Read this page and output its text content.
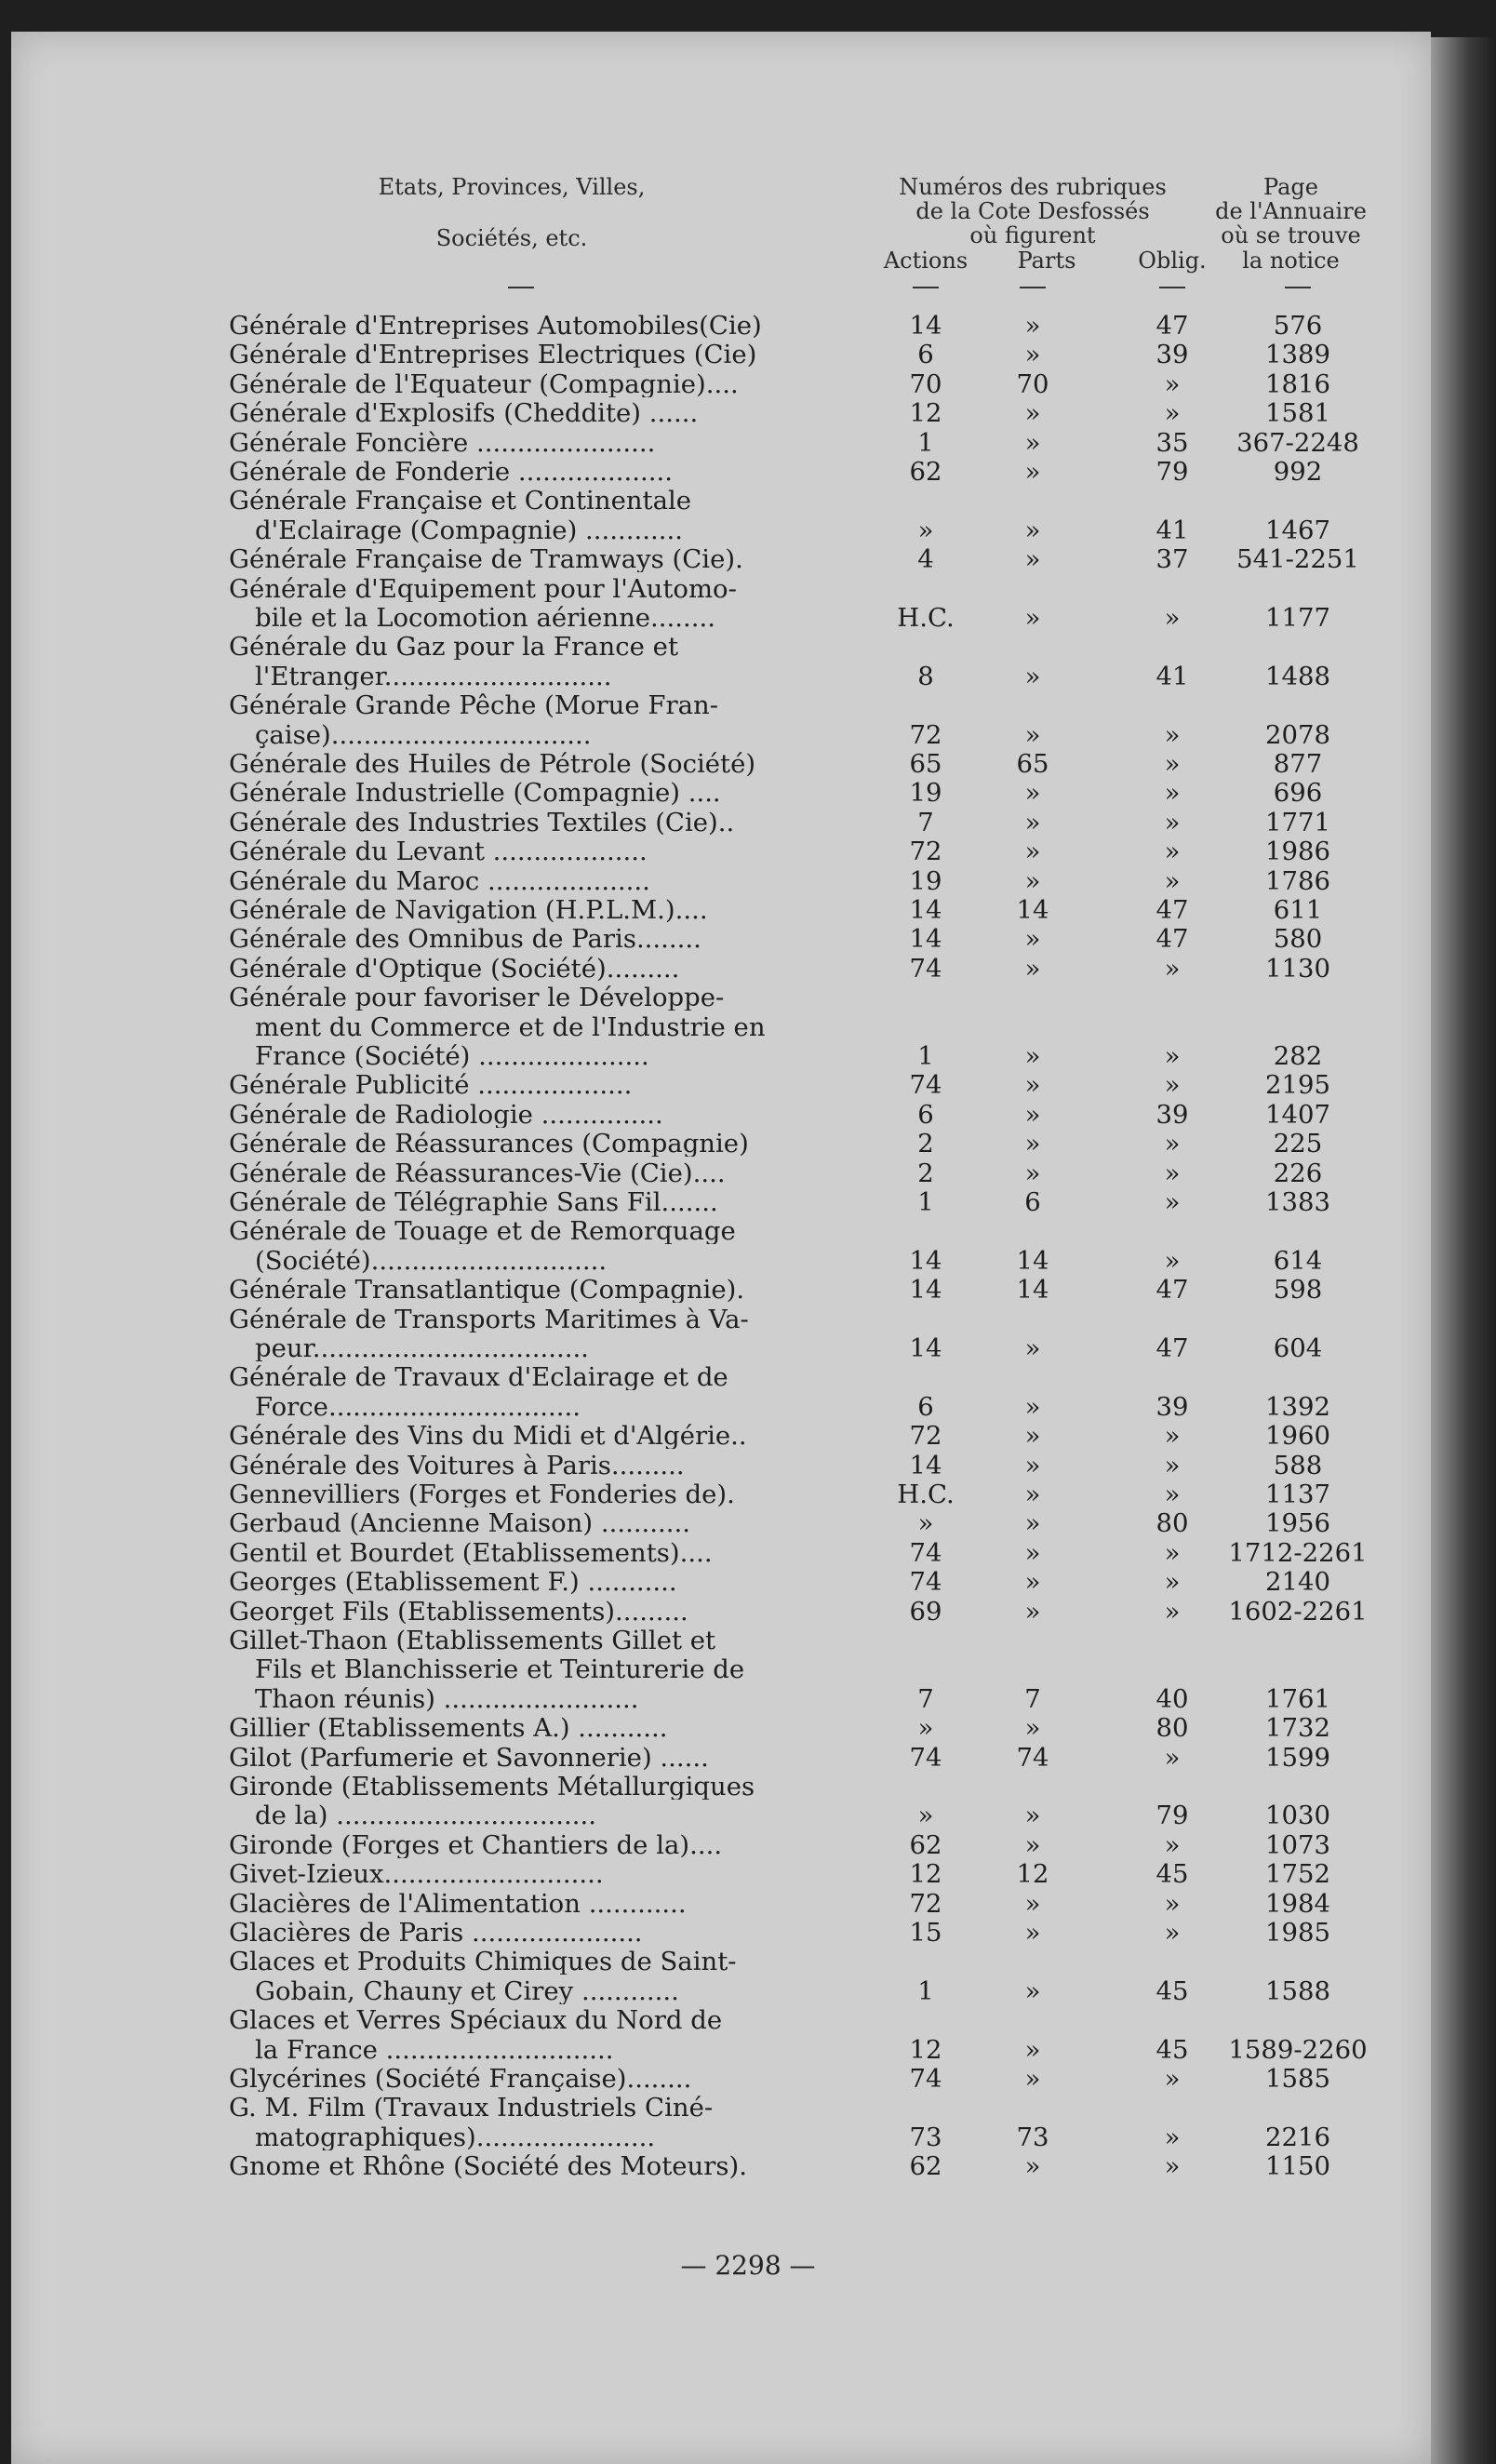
Etats, Provinces, Villes,
Sociétés, etc.
Numéros des rubriques
de la Cote Desfossés
où figurent
Actions	Parts	Oblig.
Page
de l'Annuaire
où se trouve
la notice
Générale d'Entreprises Automobiles(Cie)	14	»	47	576
Générale d'Entreprises Electriques (Cie)	6	»	39	1389
Générale de l'Equateur (Compagnie)....	70	70	»	1816
Générale d'Explosifs (Cheddite) ......	12	»	»	1581
Générale Foncière ......................	1	»	35	367-2248
Générale de Fonderie ...................	62	»	79	992
Générale Française et Continentale
d'Eclairage (Compagnie) ............	»	»	41	1467
Générale Française de Tramways (Cie).	4	»	37	541-2251
Générale d'Equipement pour l'Automo-
bile et la Locomotion aérienne........	H.C.	»	»	1177
Générale du Gaz pour la France et
l'Etranger............................	8	»	41	1488
Générale Grande Pêche (Morue Fran-
çaise)................................	72	»	»	2078
Générale des Huiles de Pétrole (Société)	65	65	»	877
Générale Industrielle (Compagnie) ....	19	»	»	696
Générale des Industries Textiles (Cie)..	7	»	»	1771
Générale du Levant ...................	72	»	»	1986
Générale du Maroc ....................	19	»	»	1786
Générale de Navigation (H.P.L.M.)....	14	14	47	611
Générale des Omnibus de Paris........	14	»	47	580
Générale d'Optique (Société).........	74	»	»	1130
Générale pour favoriser le Développe-
ment du Commerce et de l'Industrie en
France (Société) .....................	1	»	»	282
Générale Publicité ...................	74	»	»	2195
Générale de Radiologie ...............	6	»	39	1407
Générale de Réassurances (Compagnie)	2	»	»	225
Générale de Réassurances-Vie (Cie)....	2	»	»	226
Générale de Télégraphie Sans Fil.......	1	6	»	1383
Générale de Touage et de Remorquage
(Société).............................	14	14	»	614
Générale Transatlantique (Compagnie).	14	14	47	598
Générale de Transports Maritimes à Va-
peur..................................	14	»	47	604
Générale de Travaux d'Eclairage et de
Force...............................	6	»	39	1392
Générale des Vins du Midi et d'Algérie..	72	»	»	1960
Générale des Voitures à Paris.........	14	»	»	588
Gennevilliers (Forges et Fonderies de).	H.C.	»	»	1137
Gerbaud (Ancienne Maison) ...........	»	»	80	1956
Gentil et Bourdet (Etablissements)....	74	»	»	1712-2261
Georges (Etablissement F.) ...........	74	»	»	2140
Georget Fils (Etablissements).........	69	»	»	1602-2261
Gillet-Thaon (Etablissements Gillet et
Fils et Blanchisserie et Teinturerie de
Thaon réunis) ........................	7	7	40	1761
Gillier (Etablissements A.) ...........	»	»	80	1732
Gilot (Parfumerie et Savonnerie) ......	74	74	»	1599
Gironde (Etablissements Métallurgiques
de la) ................................	»	»	79	1030
Gironde (Forges et Chantiers de la)....	62	»	»	1073
Givet-Izieux...........................	12	12	45	1752
Glacières de l'Alimentation ............	72	»	»	1984
Glacières de Paris .....................	15	»	»	1985
Glaces et Produits Chimiques de Saint-
Gobain, Chauny et Cirey ............	1	»	45	1588
Glaces et Verres Spéciaux du Nord de
la France ............................	12	»	45	1589-2260
Glycérines (Société Française)........	74	»	»	1585
G. M. Film (Travaux Industriels Ciné-
matographiques)......................	73	73	»	2216
Gnome et Rhône (Société des Moteurs).	62	»	»	1150
— 2298 —
